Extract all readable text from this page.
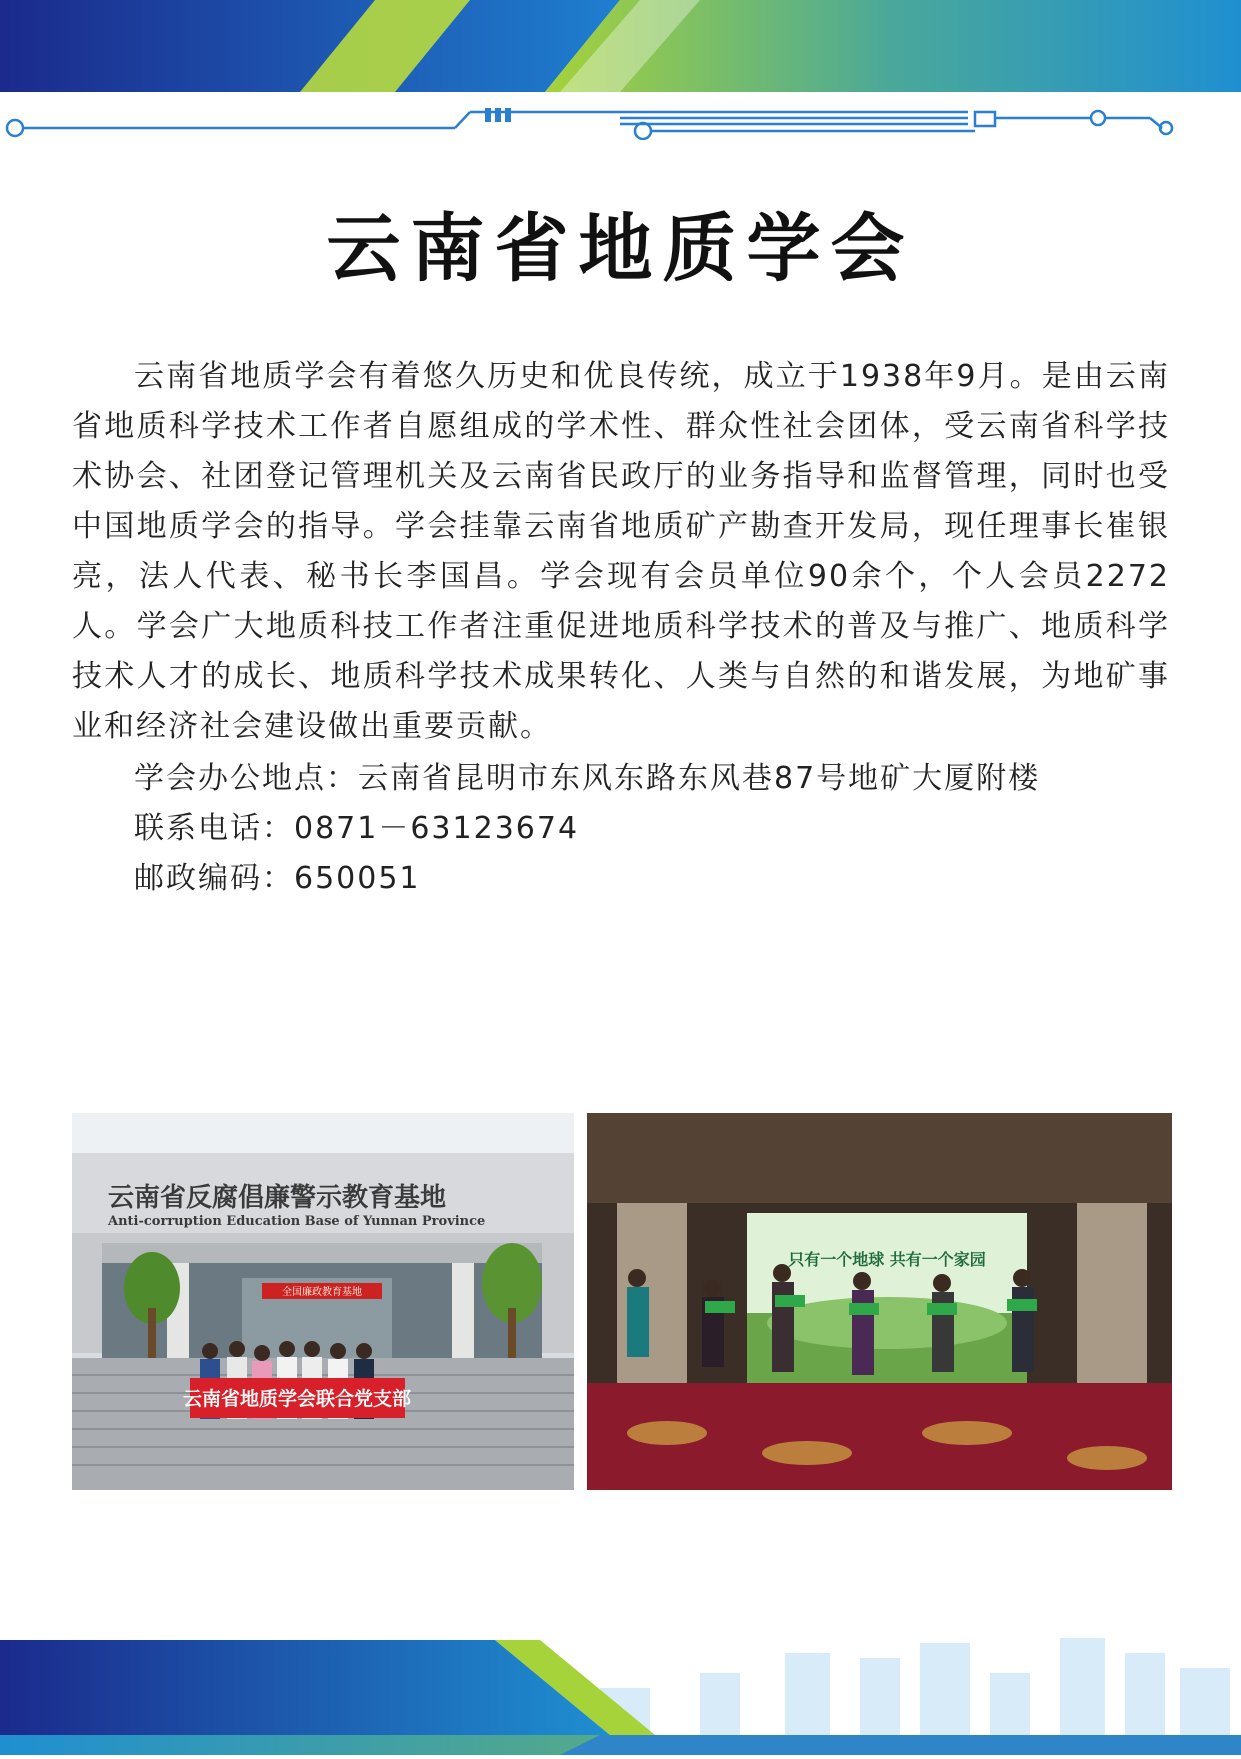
云南省地质学会

云南省地质学会有着悠久历史和优良传统，成立于1938年9月。是由云南省地质科学技术工作者自愿组成的学术性、群众性社会团体，受云南省科学技术协会、社团登记管理机关及云南省民政厅的业务指导和监督管理，同时也受中国地质学会的指导。学会挂靠云南省地质矿产勘查开发局，现任理事长崔银亮，法人代表、秘书长李国昌。学会现有会员单位90余个，个人会员2272人。学会广大地质科技工作者注重促进地质科学技术的普及与推广、地质科学技术人才的成长、地质科学技术成果转化、人类与自然的和谐发展，为地矿事业和经济社会建设做出重要贡献。

学会办公地点：云南省昆明市东风东路东风巷87号地矿大厦附楼
联系电话：0871－63123674
邮政编码：650051
全国廉政教育基地
云南省反腐倡廉警示教育基地
Anti-corruption Education Base of Yunnan Province
云南省地质学会联合党支部
只有一个地球 共有一个家园
